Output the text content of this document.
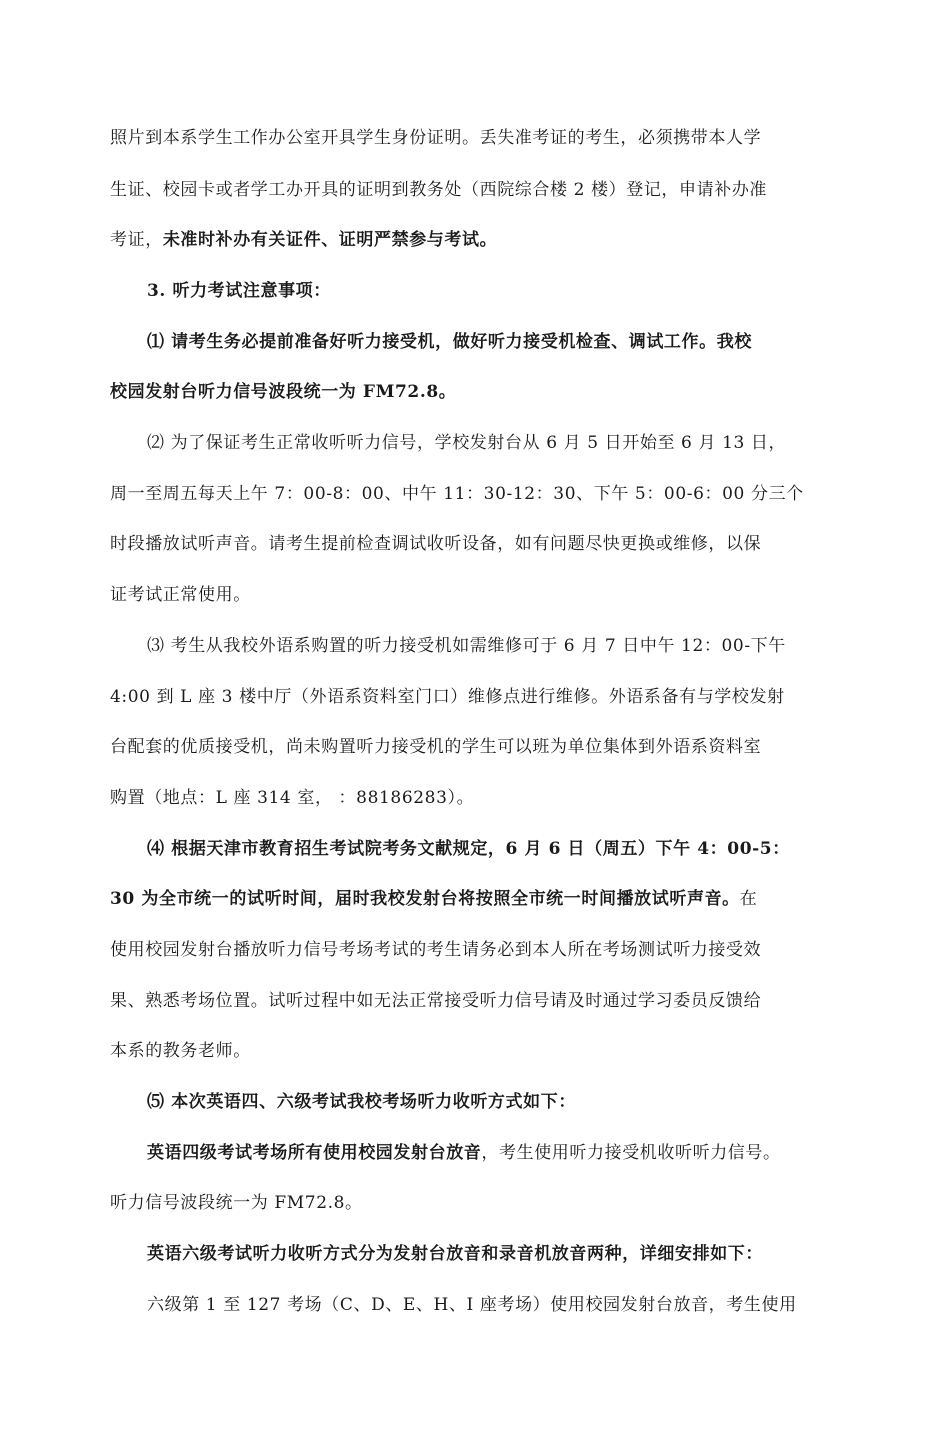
照片到本系学生工作办公室开具学生身份证明。丢失准考证的考生，必须携带本人学
生证、校园卡或者学工办开具的证明到教务处（西院综合楼 2 楼）登记，申请补办准
考证，未准时补办有关证件、证明严禁参与考试。
3. 听力考试注意事项：
⑴ 请考生务必提前准备好听力接受机，做好听力接受机检查、调试工作。我校
校园发射台听力信号波段统一为 FM72.8。
⑵ 为了保证考生正常收听听力信号，学校发射台从 6 月 5 日开始至 6 月 13 日，
周一至周五每天上午 7：00-8：00、中午 11：30-12：30、下午 5：00-6：00 分三个
时段播放试听声音。请考生提前检查调试收听设备，如有问题尽快更换或维修，以保
证考试正常使用。
⑶ 考生从我校外语系购置的听力接受机如需维修可于 6 月 7 日中午 12：00-下午
4:00 到 L 座 3 楼中厅（外语系资料室门口）维修点进行维修。外语系备有与学校发射
台配套的优质接受机，尚未购置听力接受机的学生可以班为单位集体到外语系资料室
购置（地点：L 座 314 室， ：88186283）。
⑷ 根据天津市教育招生考试院考务文献规定，6 月 6 日（周五）下午 4：00-5：
30 为全市统一的试听时间，届时我校发射台将按照全市统一时间播放试听声音。在
使用校园发射台播放听力信号考场考试的考生请务必到本人所在考场测试听力接受效
果、熟悉考场位置。试听过程中如无法正常接受听力信号请及时通过学习委员反馈给
本系的教务老师。
⑸ 本次英语四、六级考试我校考场听力收听方式如下：
英语四级考试考场所有使用校园发射台放音，考生使用听力接受机收听听力信号。
听力信号波段统一为 FM72.8。
英语六级考试听力收听方式分为发射台放音和录音机放音两种，详细安排如下：
六级第 1 至 127 考场（C、D、E、H、I 座考场）使用校园发射台放音，考生使用
